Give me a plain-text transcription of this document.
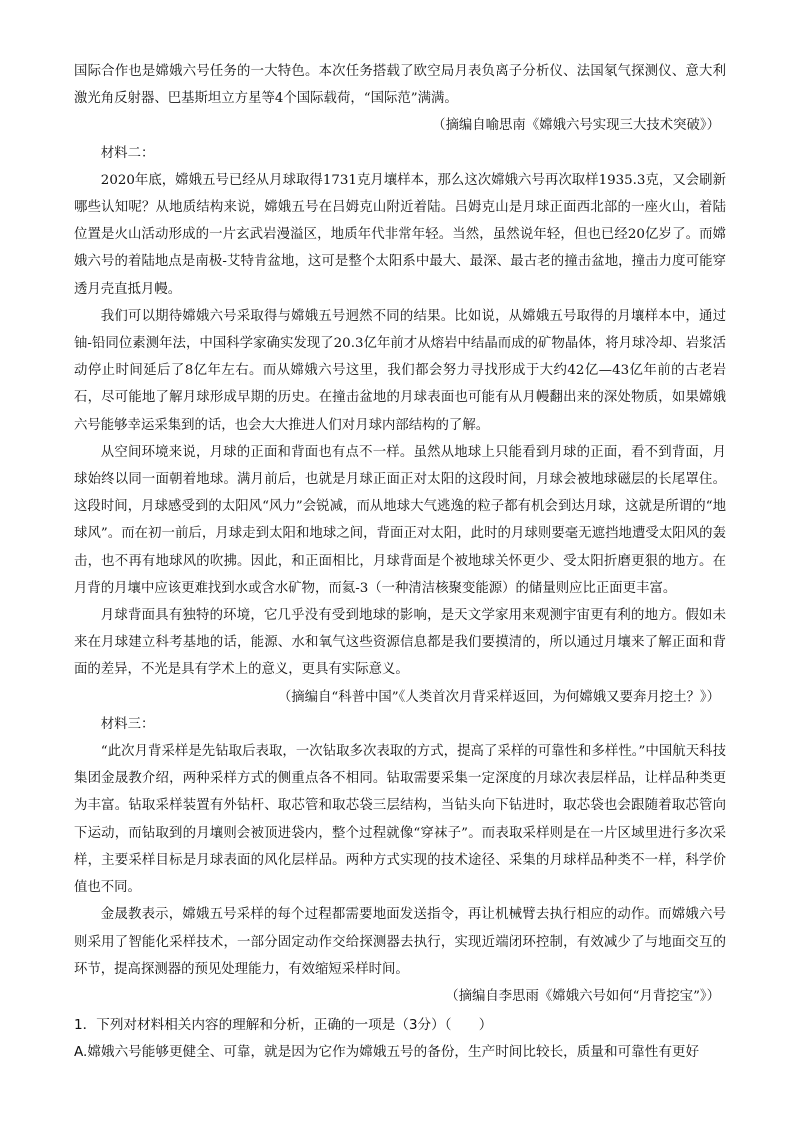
国际合作也是嫦娥六号任务的一大特色。本次任务搭载了欧空局月表负离子分析仪、法国氡气探测仪、意大利激光角反射器、巴基斯坦立方星等4个国际载荷，“国际范”满满。

（摘编自喻思南《嫦娥六号实现三大技术突破》）

材料二：

2020年底，嫦娥五号已经从月球取得1731克月壤样本，那么这次嫦娥六号再次取样1935.3克，又会刷新哪些认知呢？从地质结构来说，嫦娥五号在吕姆克山附近着陆。吕姆克山是月球正面西北部的一座火山，着陆位置是火山活动形成的一片玄武岩漫溢区，地质年代非常年轻。当然，虽然说年轻，但也已经20亿岁了。而嫦娥六号的着陆地点是南极-艾特肯盆地，这可是整个太阳系中最大、最深、最古老的撞击盆地，撞击力度可能穿透月壳直抵月幔。

我们可以期待嫦娥六号采取得与嫦娥五号迥然不同的结果。比如说，从嫦娥五号取得的月壤样本中，通过铀-铅同位素测年法，中国科学家确实发现了20.3亿年前才从熔岩中结晶而成的矿物晶体，将月球冷却、岩浆活动停止时间延后了8亿年左右。而从嫦娥六号这里，我们都会努力寻找形成于大约42亿—43亿年前的古老岩石，尽可能地了解月球形成早期的历史。在撞击盆地的月球表面也可能有从月幔翻出来的深处物质，如果嫦娥六号能够幸运采集到的话，也会大大推进人们对月球内部结构的了解。

从空间环境来说，月球的正面和背面也有点不一样。虽然从地球上只能看到月球的正面，看不到背面，月球始终以同一面朝着地球。满月前后，也就是月球正面正对太阳的这段时间，月球会被地球磁层的长尾罩住。这段时间，月球感受到的太阳风“风力”会锐减，而从地球大气逃逸的粒子都有机会到达月球，这就是所谓的“地球风”。而在初一前后，月球走到太阳和地球之间，背面正对太阳，此时的月球则要毫无遮挡地遭受太阳风的轰击，也不再有地球风的吹拂。因此，和正面相比，月球背面是个被地球关怀更少、受太阳折磨更狠的地方。在月背的月壤中应该更难找到水或含水矿物，而氦-3（一种清洁核聚变能源）的储量则应比正面更丰富。

月球背面具有独特的环境，它几乎没有受到地球的影响，是天文学家用来观测宇宙更有利的地方。假如未来在月球建立科考基地的话，能源、水和氧气这些资源信息都是我们要摸清的，所以通过月壤来了解正面和背面的差异，不光是具有学术上的意义，更具有实际意义。

（摘编自“科普中国”《人类首次月背采样返回，为何嫦娥又要奔月挖土？》）

材料三：

“此次月背采样是先钻取后表取，一次钻取多次表取的方式，提高了采样的可靠性和多样性。”中国航天科技集团金晟教介绍，两种采样方式的侧重点各不相同。钻取需要采集一定深度的月球次表层样品，让样品种类更为丰富。钻取采样装置有外钻杆、取芯管和取芯袋三层结构，当钻头向下钻进时，取芯袋也会跟随着取芯管向下运动，而钻取到的月壤则会被顶进袋内，整个过程就像“穿袜子”。而表取采样则是在一片区域里进行多次采样，主要采样目标是月球表面的风化层样品。两种方式实现的技术途径、采集的月球样品种类不一样，科学价值也不同。

金晟教表示，嫦娥五号采样的每个过程都需要地面发送指令，再让机械臂去执行相应的动作。而嫦娥六号则采用了智能化采样技术，一部分固定动作交给探测器去执行，实现近端闭环控制，有效减少了与地面交互的环节，提高探测器的预见处理能力，有效缩短采样时间。

（摘编自李思雨《嫦娥六号如何“月背挖宝”》）

1．下列对材料相关内容的理解和分析，正确的一项是（3分）（　　）

A.嫦娥六号能够更健全、可靠，就是因为它作为嫦娥五号的备份，生产时间比较长，质量和可靠性有更好
